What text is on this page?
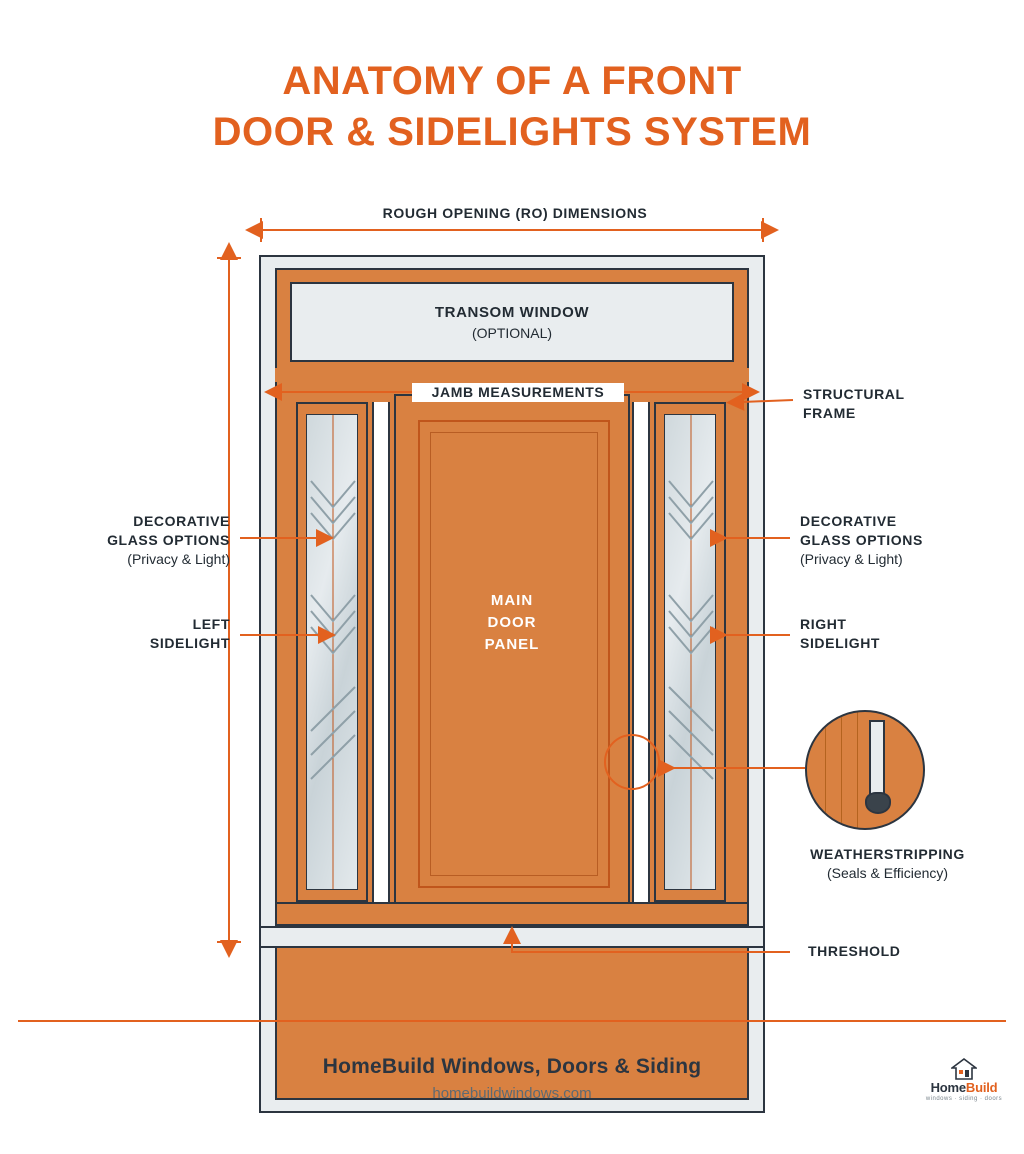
ANATOMY OF A FRONT
DOOR & SIDELIGHTS SYSTEM
TRANSOM WINDOW
(OPTIONAL)
MAIN
DOOR
PANEL
ROUGH OPENING (RO) DIMENSIONS
JAMB MEASUREMENTS	STRUCTURAL
FRAME
DECORATIVE
GLASS OPTIONS
(Privacy & Light)
LEFT
SIDELIGHT
DECORATIVE
GLASS OPTIONS
(Privacy & Light)
RIGHT
SIDELIGHT
WEATHERSTRIPPING
(Seals & Efficiency)
THRESHOLD
HomeBuild Windows, Doors & Siding
homebuildwindows.com	HomeBuild
windows · siding · doors
